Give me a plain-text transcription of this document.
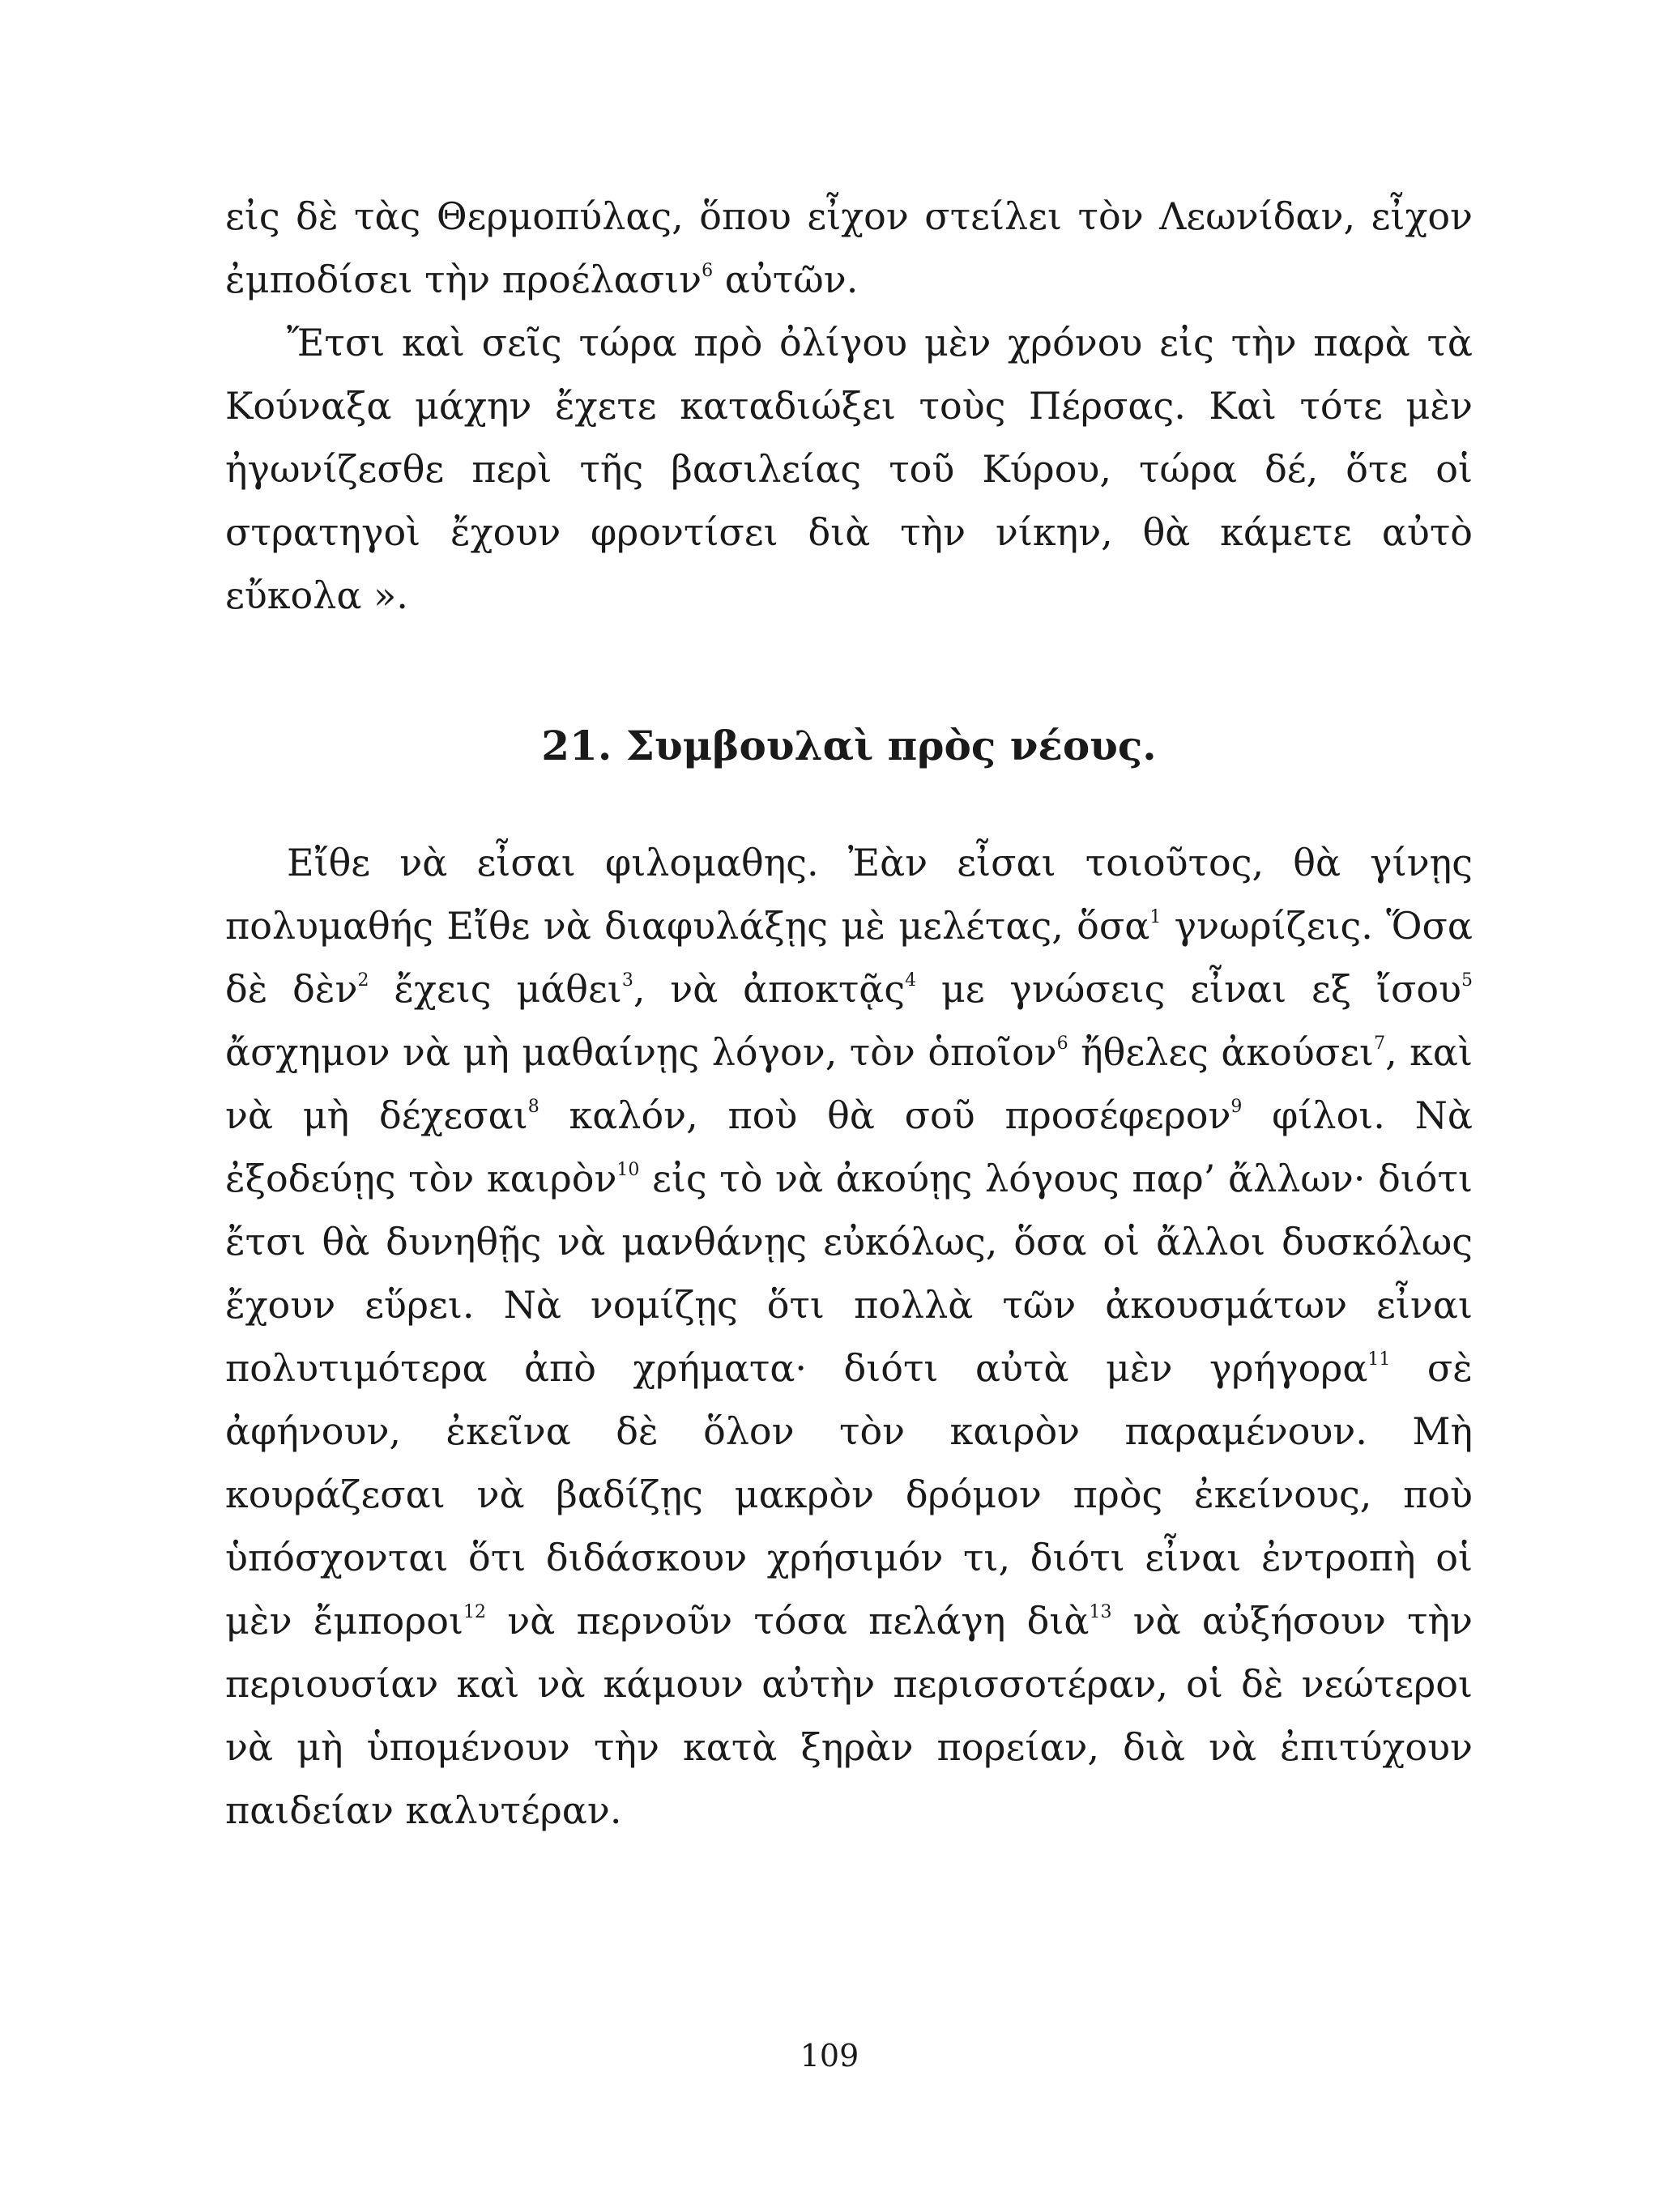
εἰς δὲ τὰς Θερμοπύλας, ὅπου εἶχον στείλει τὸν Λεωνίδαν, εἶχον ἐμποδίσει τὴν προέλασιν$^6$ αὐτῶν.

Ἔτσι καὶ σεῖς τώρα πρὸ ὀλίγου μὲν χρόνου εἰς τὴν παρὰ τὰ Κούναξα μάχην ἔχετε καταδιώξει τοὺς Πέρσας. Καὶ τότε μὲν ἠγωνίζεσθε περὶ τῆς βασιλείας τοῦ Κύρου, τώρα δέ, ὅτε οἱ στρατηγοὶ ἔχουν φροντίσει διὰ τὴν νίκην, θὰ κάμετε αὐτὸ εὔκολα ».

21. Συμβουλαὶ πρὸς νέους.

Εἴθε νὰ εἶσαι φιλομαθης. Ἐὰν εἶσαι τοιοῦτος, θὰ γίνῃς πολυμαθής Εἴθε νὰ διαφυλάξῃς μὲ μελέτας, ὅσα$^1$ γνωρίζεις. Ὅσα δὲ δὲν$^2$ ἔχεις μάθει$^3$, νὰ ἀποκτᾷς$^4$ με γνώσεις εἶναι εξ ἴσου$^5$ ἄσχημον νὰ μὴ μαθαίνῃς λόγον, τὸν ὁποῖον$^6$ ἤθελες ἀκούσει$^7$, καὶ νὰ μὴ δέχεσαι$^8$ καλόν, ποὺ θὰ σοῦ προσέφερον$^9$ φίλοι. Νὰ ἐξοδεύῃς τὸν καιρὸν$^{10}$ εἰς τὸ νὰ ἀκούῃς λόγους παρ’ ἄλλων· διότι ἔτσι θὰ δυνηθῇς νὰ μανθάνῃς εὐκόλως, ὅσα οἱ ἄλλοι δυσκόλως ἔχουν εὕρει. Νὰ νομίζῃς ὅτι πολλὰ τῶν ἀκουσμάτων εἶναι πολυτιμότερα ἀπὸ χρήματα· διότι αὐτὰ μὲν γρήγορα$^{11}$ σὲ ἀφήνουν, ἐκεῖνα δὲ ὅλον τὸν καιρὸν παραμένουν. Μὴ κουράζεσαι νὰ βαδίζῃς μακρὸν δρόμον πρὸς ἐκείνους, ποὺ ὑπόσχονται ὅτι διδάσκουν χρήσιμόν τι, διότι εἶναι ἐντροπὴ οἱ μὲν ἔμποροι$^{12}$ νὰ περνοῦν τόσα πελάγη διὰ$^{13}$ νὰ αὐξήσουν τὴν περιουσίαν καὶ νὰ κάμουν αὐτὴν περισσοτέραν, οἱ δὲ νεώτεροι νὰ μὴ ὑπομένουν τὴν κατὰ ξηρὰν πορείαν, διὰ νὰ ἐπιτύχουν παιδείαν καλυτέραν.

109
